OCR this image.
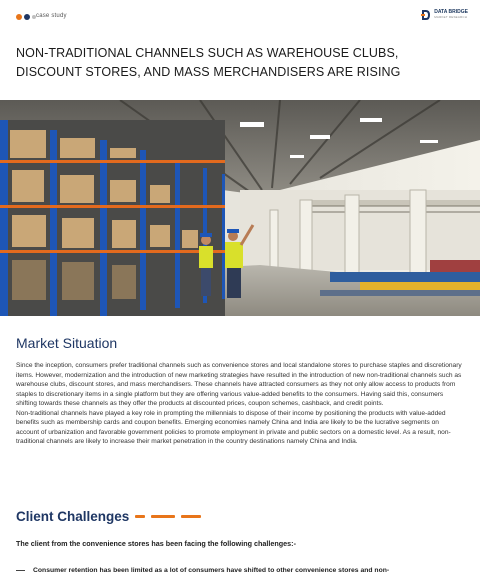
case study
DATA BRIDGE
MARKET RESEARCH
NON-TRADITIONAL CHANNELS SUCH AS WAREHOUSE CLUBS, DISCOUNT STORES, AND MASS MERCHANDISERS ARE RISING
Market Situation

Since the inception, consumers prefer traditional channels such as convenience stores and local standalone stores to purchase staples and discretionary items. However, modernization and the introduction of new marketing strategies have resulted in the introduction of new non-traditional channels such as warehouse clubs, discount stores, and mass merchandisers. These channels have attracted consumers as they not only allow access to products from staples to discretionary items in a single platform but they are offering various value-added benefits to the consumers. Having said this, consumers shifting towards these channels as they offer the products at discounted prices, coupon schemes, cashback, and credit points.

Non-traditional channels have played a key role in prompting the millennials to dispose of their income by positioning the products with value-added benefits such as membership cards and coupon benefits. Emerging economies namely China and India are likely to be the lucrative segments on account of urbanization and favorable government policies to promote employment in private and public sectors on a domestic level. As a result, non-traditional channels are likely to increase their market penetration in the country destinations namely China and India.

Client Challenges

The client from the convenience stores has been facing the following challenges:-

Consumer retention has been limited as a lot of consumers have shifted to other convenience stores and non-
